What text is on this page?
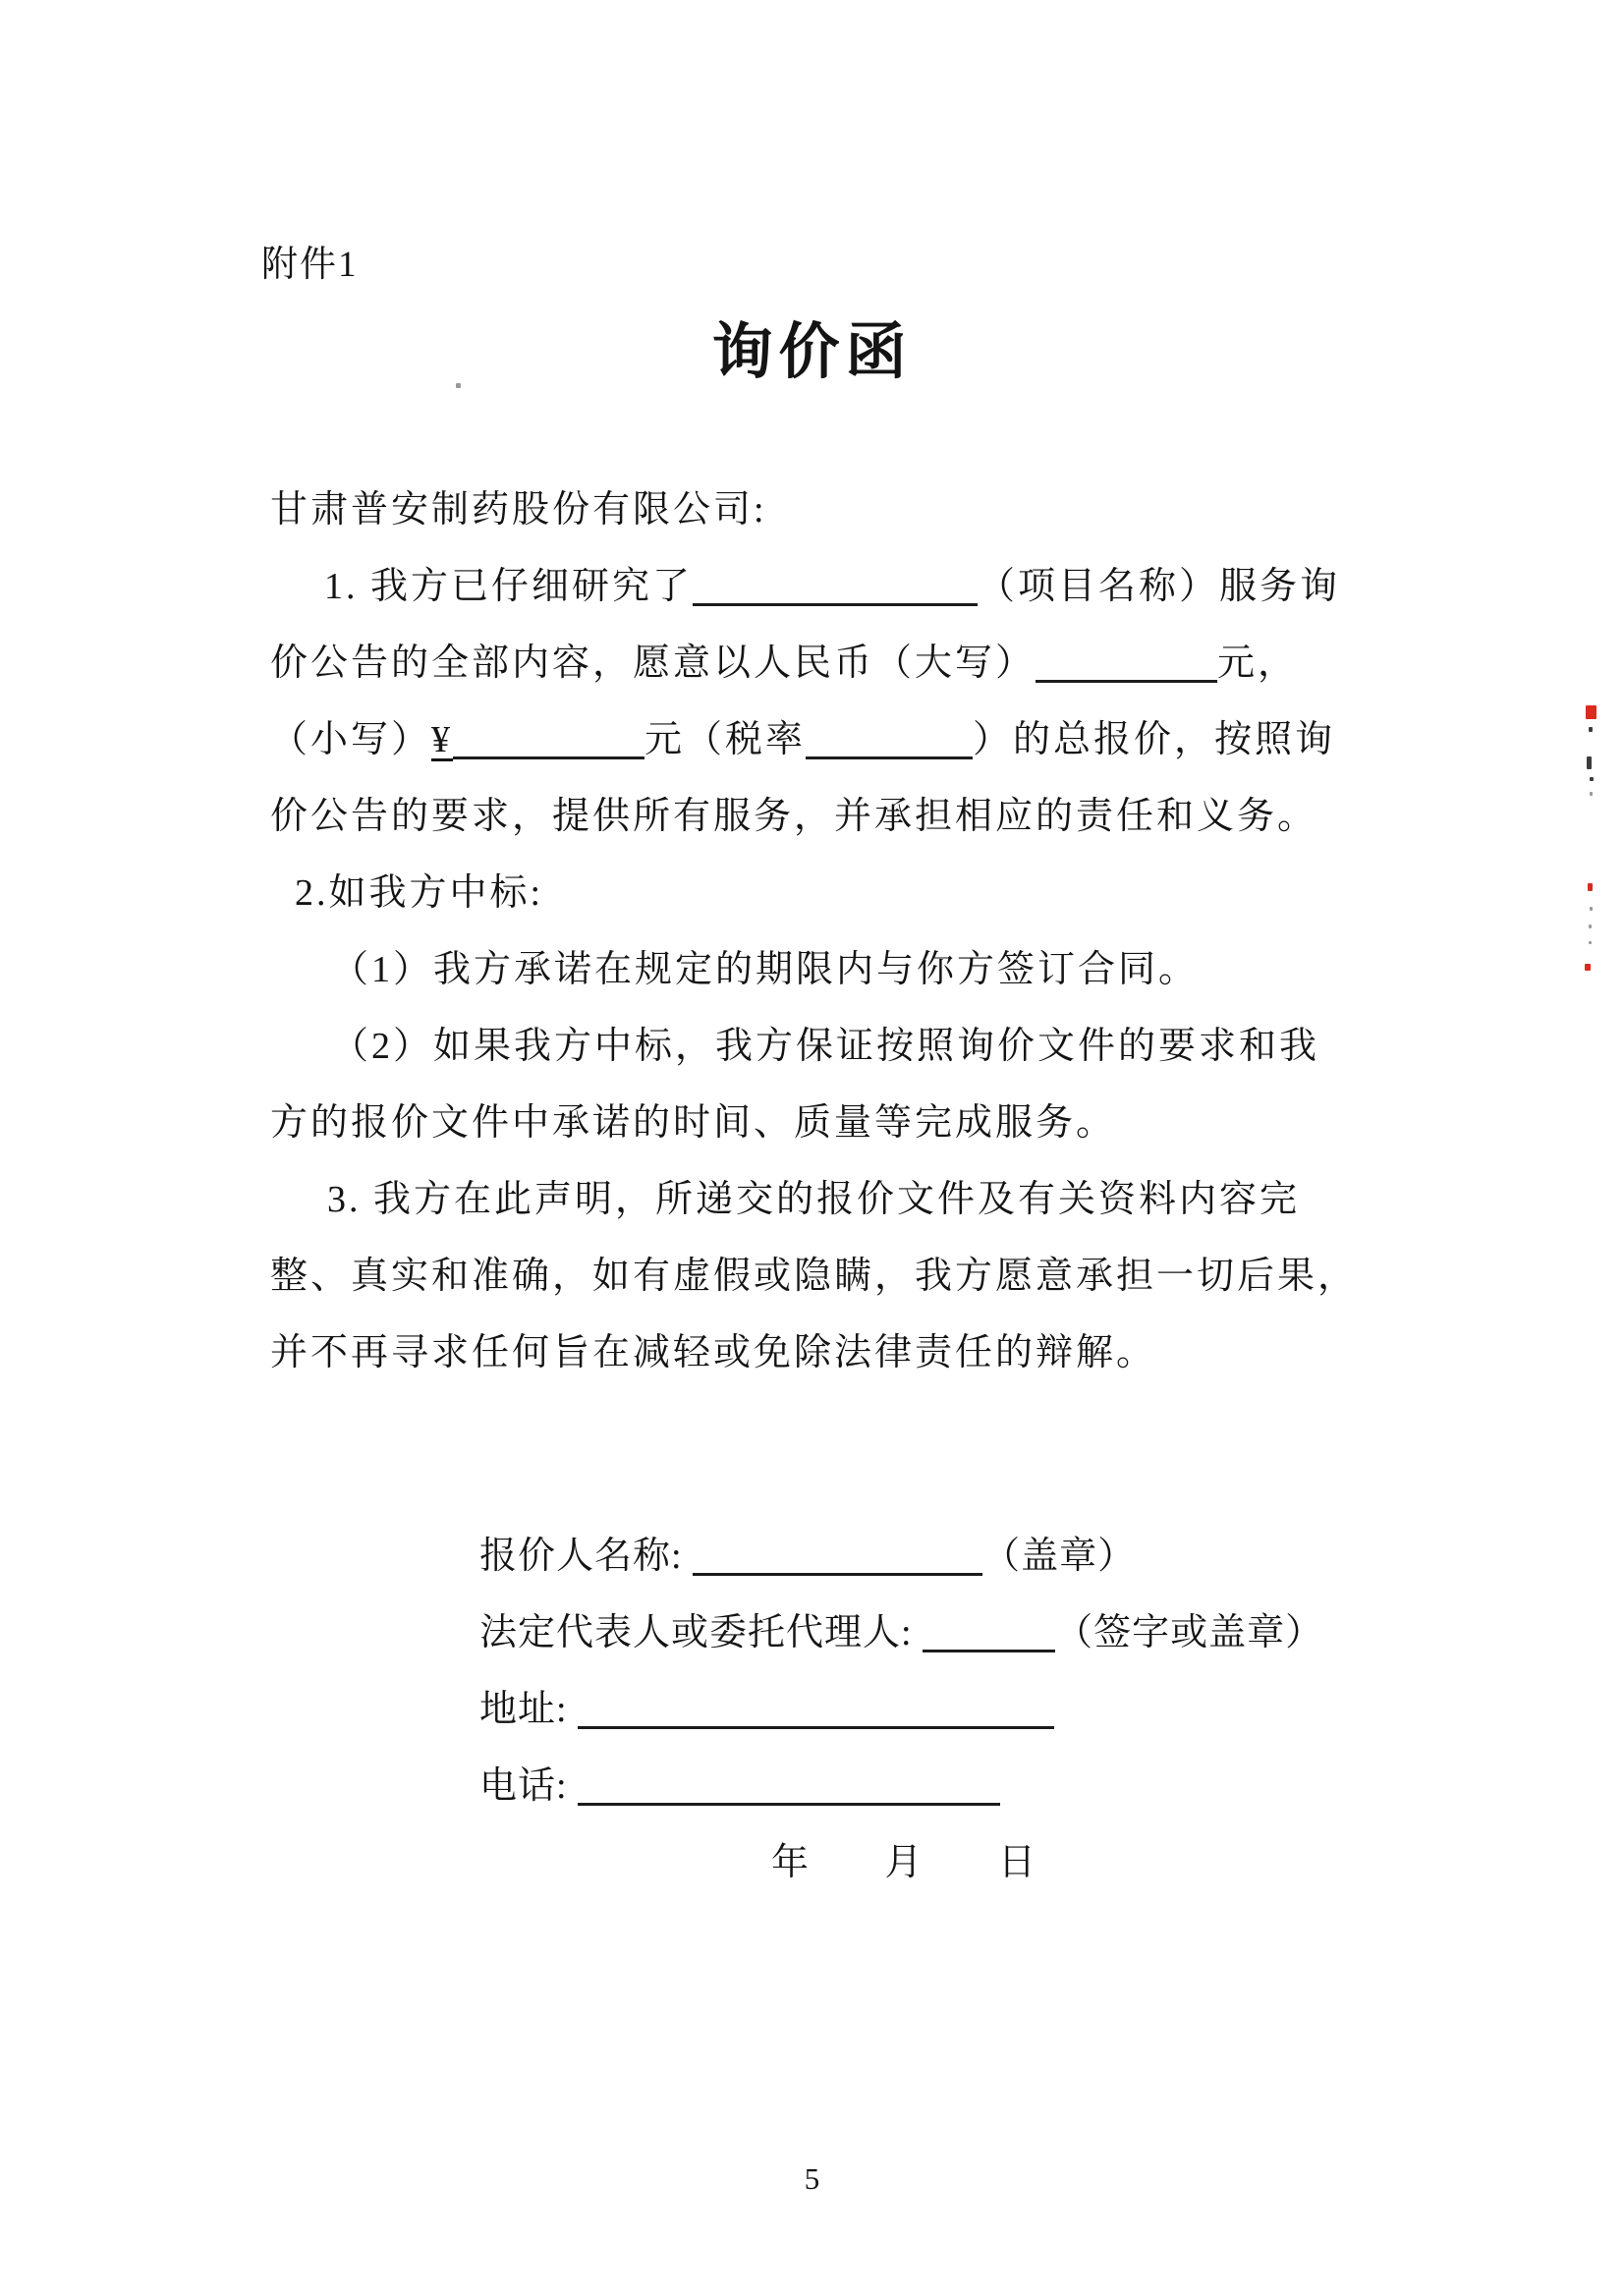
附件1
询价函
甘肃普安制药股份有限公司:
1. 我方已仔细研究了	（项目名称）服务询
价公告的全部内容，愿意以人民币（大写）	元，
（小写）¥	元（税率	）的总报价，按照询
价公告的要求，提供所有服务，并承担相应的责任和义务。
2.如我方中标:
（1）我方承诺在规定的期限内与你方签订合同。
（2）如果我方中标，我方保证按照询价文件的要求和我
方的报价文件中承诺的时间、质量等完成服务。
3. 我方在此声明，所递交的报价文件及有关资料内容完
整、真实和准确，如有虚假或隐瞒，我方愿意承担一切后果，
并不再寻求任何旨在减轻或免除法律责任的辩解。
报价人名称:	（盖章）
法定代表人或委托代理人:	（签字或盖章）
地址:
电话:
年 月 日
5
